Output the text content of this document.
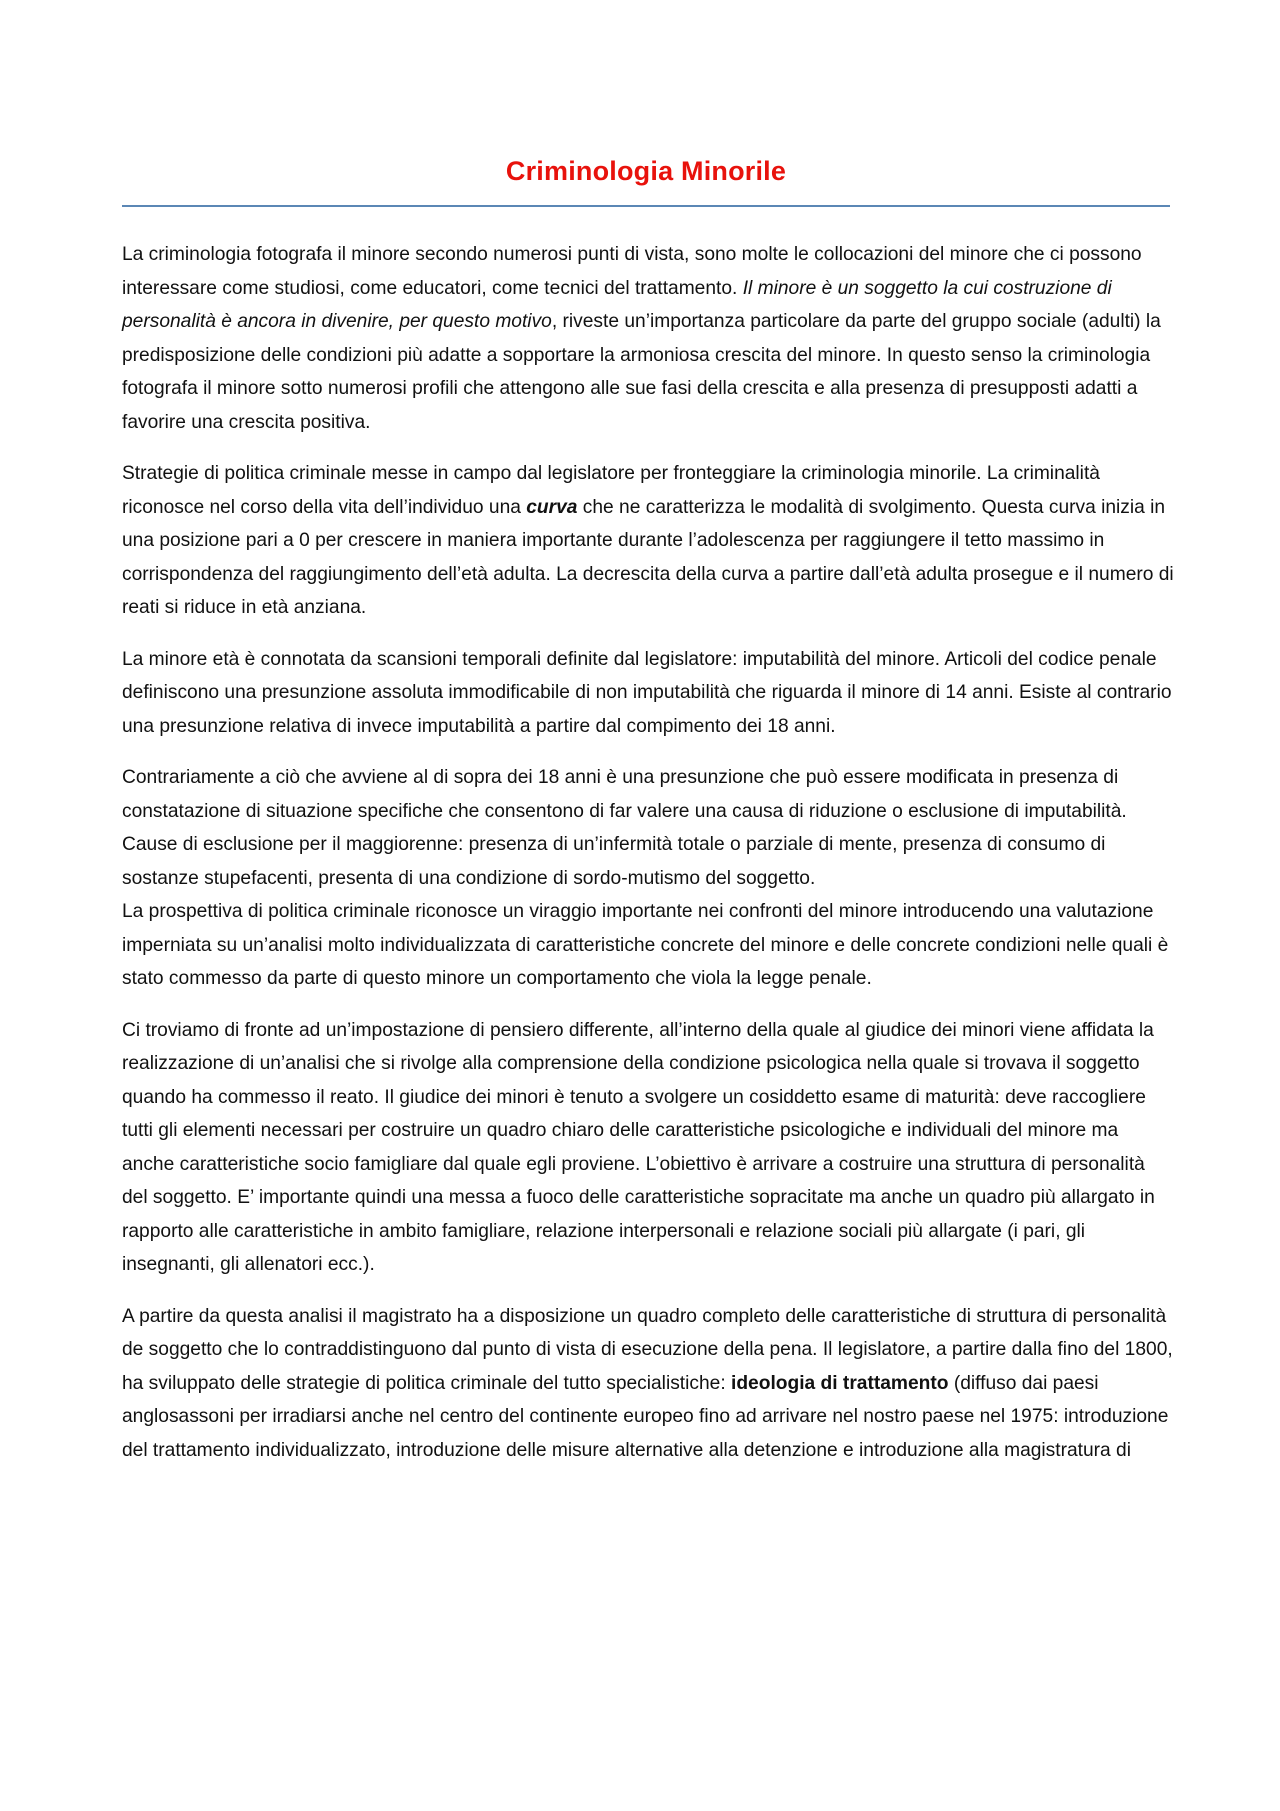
Criminologia Minorile

La criminologia fotografa il minore secondo numerosi punti di vista, sono molte le collocazioni del minore che ci possono interessare come studiosi, come educatori, come tecnici del trattamento. Il minore è un soggetto la cui costruzione di personalità è ancora in divenire, per questo motivo, riveste un’importanza particolare da parte del gruppo sociale (adulti) la predisposizione delle condizioni più adatte a sopportare la armoniosa crescita del minore. In questo senso la criminologia fotografa il minore sotto numerosi profili che attengono alle sue fasi della crescita e alla presenza di presupposti adatti a favorire una crescita positiva.

Strategie di politica criminale messe in campo dal legislatore per fronteggiare la criminologia minorile. La criminalità riconosce nel corso della vita dell’individuo una curva che ne caratterizza le modalità di svolgimento. Questa curva inizia in una posizione pari a 0 per crescere in maniera importante durante l’adolescenza per raggiungere il tetto massimo in corrispondenza del raggiungimento dell’età adulta. La decrescita della curva a partire dall’età adulta prosegue e il numero di reati si riduce in età anziana.

La minore età è connotata da scansioni temporali definite dal legislatore: imputabilità del minore. Articoli del codice penale definiscono una presunzione assoluta immodificabile di non imputabilità che riguarda il minore di 14 anni. Esiste al contrario una presunzione relativa di invece imputabilità a partire dal compimento dei 18 anni.

Contrariamente a ciò che avviene al di sopra dei 18 anni è una presunzione che può essere modificata in presenza di constatazione di situazione specifiche che consentono di far valere una causa di riduzione o esclusione di imputabilità. Cause di esclusione per il maggiorenne: presenza di un’infermità totale o parziale di mente, presenza di consumo di sostanze stupefacenti, presenta di una condizione di sordo-mutismo del soggetto.

La prospettiva di politica criminale riconosce un viraggio importante nei confronti del minore introducendo una valutazione imperniata su un’analisi molto individualizzata di caratteristiche concrete del minore e delle concrete condizioni nelle quali è stato commesso da parte di questo minore un comportamento che viola la legge penale.

Ci troviamo di fronte ad un’impostazione di pensiero differente, all’interno della quale al giudice dei minori viene affidata la realizzazione di un’analisi che si rivolge alla comprensione della condizione psicologica nella quale si trovava il soggetto quando ha commesso il reato. Il giudice dei minori è tenuto a svolgere un cosiddetto esame di maturità: deve raccogliere tutti gli elementi necessari per costruire un quadro chiaro delle caratteristiche psicologiche e individuali del minore ma anche caratteristiche socio famigliare dal quale egli proviene. L’obiettivo è arrivare a costruire una struttura di personalità del soggetto. E’ importante quindi una messa a fuoco delle caratteristiche sopracitate ma anche un quadro più allargato in rapporto alle caratteristiche in ambito famigliare, relazione interpersonali e relazione sociali più allargate (i pari, gli insegnanti, gli allenatori ecc.).

A partire da questa analisi il magistrato ha a disposizione un quadro completo delle caratteristiche di struttura di personalità de soggetto che lo contraddistinguono dal punto di vista di esecuzione della pena. Il legislatore, a partire dalla fino del 1800, ha sviluppato delle strategie di politica criminale del tutto specialistiche: ideologia di trattamento (diffuso dai paesi anglosassoni per irradiarsi anche nel centro del continente europeo fino ad arrivare nel nostro paese nel 1975: introduzione del trattamento individualizzato, introduzione delle misure alternative alla detenzione e introduzione alla magistratura di
